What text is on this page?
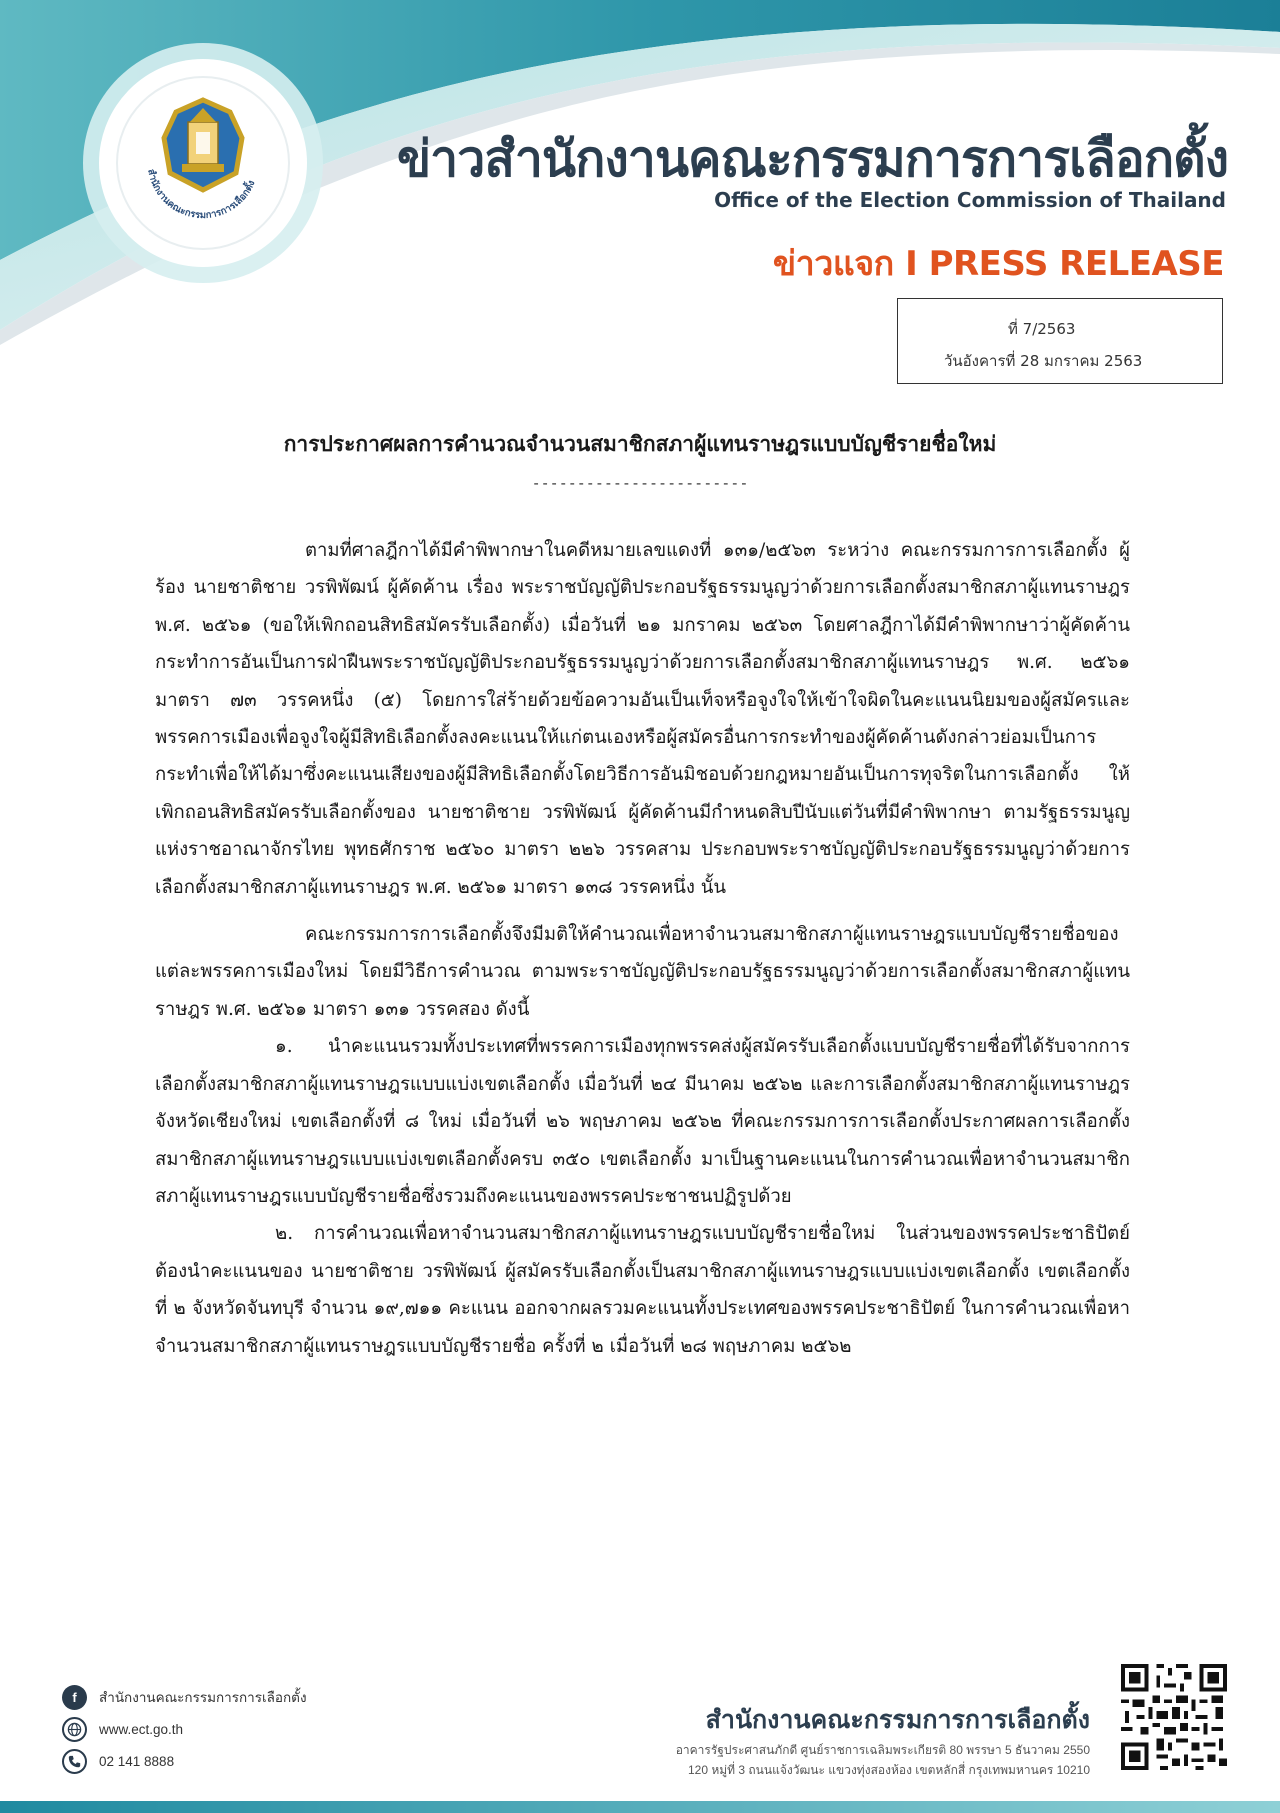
สำนักงานคณะกรรมการการเลือกตั้ง	ข่าวสำนักงานคณะกรรมการการเลือกตั้ง
Office of the Election Commission of Thailand
ข่าวแจก I PRESS RELEASE
ที่ 7/2563
วันอังคารที่ 28 มกราคม 2563
การประกาศผลการคำนวณจำนวนสมาชิกสภาผู้แทนราษฎรแบบบัญชีรายชื่อใหม่
------------------------

ตามที่ศาลฎีกาได้มีคำพิพากษาในคดีหมายเลขแดงที่ ๑๓๑/๒๕๖๓ ระหว่าง คณะกรรมการการเลือกตั้ง ผู้ร้อง นายชาติชาย วรพิพัฒน์ ผู้คัดค้าน เรื่อง พระราชบัญญัติประกอบรัฐธรรมนูญว่าด้วยการเลือกตั้งสมาชิกสภาผู้แทนราษฎร พ.ศ. ๒๕๖๑ (ขอให้เพิกถอนสิทธิสมัครรับเลือกตั้ง) เมื่อวันที่ ๒๑ มกราคม ๒๕๖๓ โดยศาลฎีกาได้มีคำพิพากษาว่าผู้คัดค้านกระทำการอันเป็นการฝ่าฝืนพระราชบัญญัติประกอบรัฐธรรมนูญว่าด้วยการเลือกตั้งสมาชิกสภาผู้แทนราษฎร พ.ศ. ๒๕๖๑ มาตรา ๗๓ วรรคหนึ่ง (๕) โดยการใส่ร้ายด้วยข้อความอันเป็นเท็จหรือจูงใจให้เข้าใจผิดในคะแนนนิยมของผู้สมัครและพรรคการเมืองเพื่อจูงใจผู้มีสิทธิเลือกตั้งลงคะแนนให้แก่ตนเองหรือผู้สมัครอื่นการกระทำของผู้คัดค้านดังกล่าวย่อมเป็นการกระทำเพื่อให้ได้มาซึ่งคะแนนเสียงของผู้มีสิทธิเลือกตั้งโดยวิธีการอันมิชอบด้วยกฎหมายอันเป็นการทุจริตในการเลือกตั้ง ให้เพิกถอนสิทธิสมัครรับเลือกตั้งของ นายชาติชาย วรพิพัฒน์ ผู้คัดค้านมีกำหนดสิบปีนับแต่วันที่มีคำพิพากษา ตามรัฐธรรมนูญแห่งราชอาณาจักรไทย พุทธศักราช ๒๕๖๐ มาตรา ๒๒๖ วรรคสาม ประกอบพระราชบัญญัติประกอบรัฐธรรมนูญว่าด้วยการเลือกตั้งสมาชิกสภาผู้แทนราษฎร พ.ศ. ๒๕๖๑ มาตรา ๑๓๘ วรรคหนึ่ง นั้น

คณะกรรมการการเลือกตั้งจึงมีมติให้คำนวณเพื่อหาจำนวนสมาชิกสภาผู้แทนราษฎรแบบบัญชีรายชื่อของแต่ละพรรคการเมืองใหม่ โดยมีวิธีการคำนวณ ตามพระราชบัญญัติประกอบรัฐธรรมนูญว่าด้วยการเลือกตั้งสมาชิกสภาผู้แทนราษฎร พ.ศ. ๒๕๖๑ มาตรา ๑๓๑ วรรคสอง ดังนี้

๑. นำคะแนนรวมทั้งประเทศที่พรรคการเมืองทุกพรรคส่งผู้สมัครรับเลือกตั้งแบบบัญชีรายชื่อที่ได้รับจากการเลือกตั้งสมาชิกสภาผู้แทนราษฎรแบบแบ่งเขตเลือกตั้ง เมื่อวันที่ ๒๔ มีนาคม ๒๕๖๒ และการเลือกตั้งสมาชิกสภาผู้แทนราษฎรจังหวัดเชียงใหม่ เขตเลือกตั้งที่ ๘ ใหม่ เมื่อวันที่ ๒๖ พฤษภาคม ๒๕๖๒ ที่คณะกรรมการการเลือกตั้งประกาศผลการเลือกตั้งสมาชิกสภาผู้แทนราษฎรแบบแบ่งเขตเลือกตั้งครบ ๓๕๐ เขตเลือกตั้ง มาเป็นฐานคะแนนในการคำนวณเพื่อหาจำนวนสมาชิกสภาผู้แทนราษฎรแบบบัญชีรายชื่อซึ่งรวมถึงคะแนนของพรรคประชาชนปฏิรูปด้วย

๒. การคำนวณเพื่อหาจำนวนสมาชิกสภาผู้แทนราษฎรแบบบัญชีรายชื่อใหม่ ในส่วนของพรรคประชาธิปัตย์ ต้องนำคะแนนของ นายชาติชาย วรพิพัฒน์ ผู้สมัครรับเลือกตั้งเป็นสมาชิกสภาผู้แทนราษฎรแบบแบ่งเขตเลือกตั้ง เขตเลือกตั้งที่ ๒ จังหวัดจันทบุรี จำนวน ๑๙,๗๑๑ คะแนน ออกจากผลรวมคะแนนทั้งประเทศของพรรคประชาธิปัตย์ ในการคำนวณเพื่อหาจำนวนสมาชิกสภาผู้แทนราษฎรแบบบัญชีรายชื่อ ครั้งที่ ๒ เมื่อวันที่ ๒๘ พฤษภาคม ๒๕๖๒

f	สำนักงานคณะกรรมการการเลือกตั้ง
www.ect.go.th
02 141 8888
สำนักงานคณะกรรมการการเลือกตั้ง
อาคารรัฐประศาสนภักดี ศูนย์ราชการเฉลิมพระเกียรติ 80 พรรษา 5 ธันวาคม 2550
120 หมู่ที่ 3 ถนนแจ้งวัฒนะ แขวงทุ่งสองห้อง เขตหลักสี่ กรุงเทพมหานคร 10210
